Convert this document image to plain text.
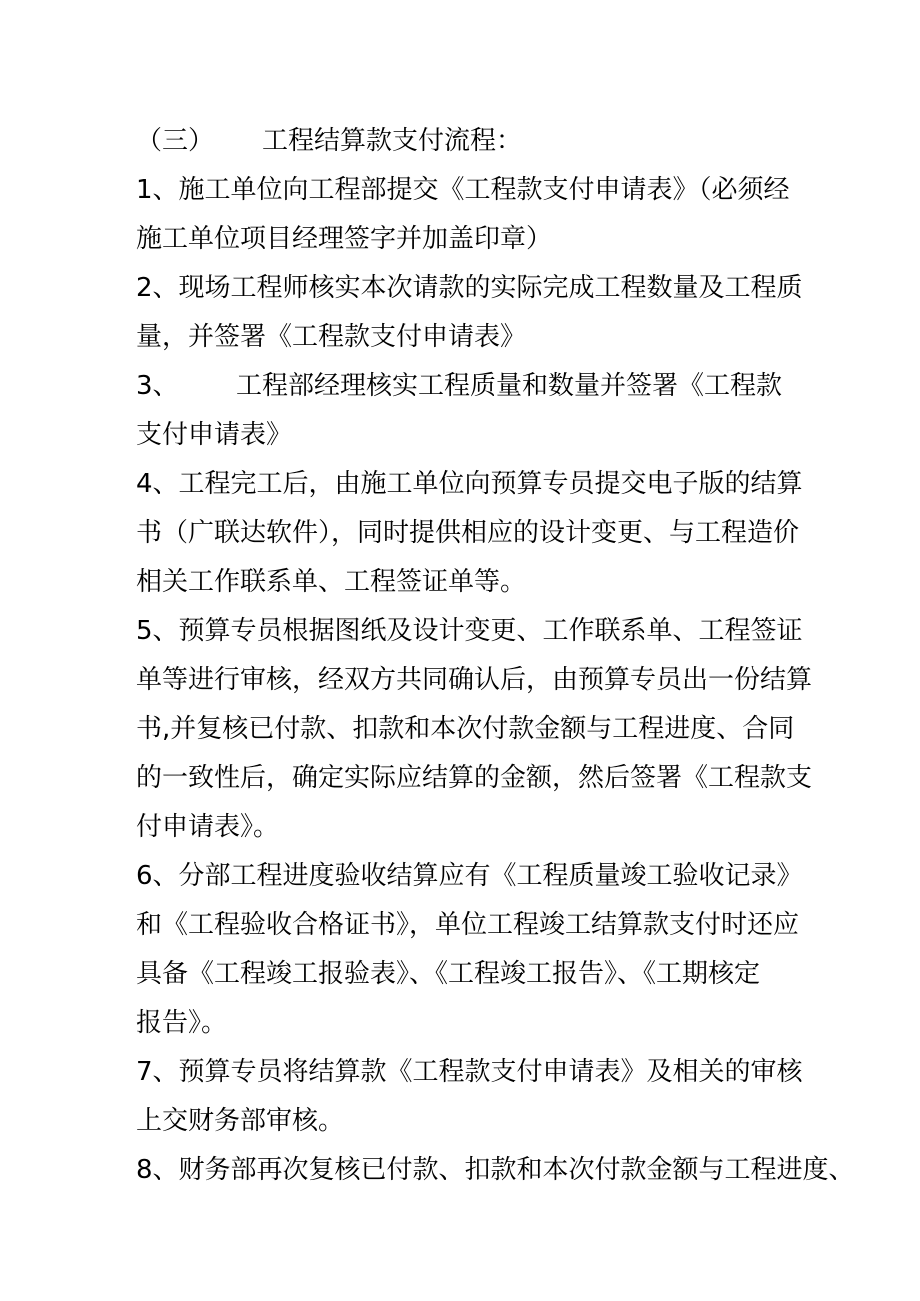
（三） 工程结算款支付流程：

1、施工单位向工程部提交《工程款支付申请表》（必须经
施工单位项目经理签字并加盖印章）
2、现场工程师核实本次请款的实际完成工程数量及工程质
量，并签署《工程款支付申请表》
3、 工程部经理核实工程质量和数量并签署《工程款
支付申请表》
4、工程完工后，由施工单位向预算专员提交电子版的结算
书（广联达软件），同时提供相应的设计变更、与工程造价
相关工作联系单、工程签证单等。
5、预算专员根据图纸及设计变更、工作联系单、工程签证
单等进行审核，经双方共同确认后，由预算专员出一份结算
书,并复核已付款、扣款和本次付款金额与工程进度、合同
的一致性后，确定实际应结算的金额，然后签署《工程款支
付申请表》。
6、分部工程进度验收结算应有《工程质量竣工验收记录》
和《工程验收合格证书》，单位工程竣工结算款支付时还应
具备《工程竣工报验表》、《工程竣工报告》、《工期核定
报告》。
7、预算专员将结算款《工程款支付申请表》及相关的审核
上交财务部审核。
8、财务部再次复核已付款、扣款和本次付款金额与工程进度、
